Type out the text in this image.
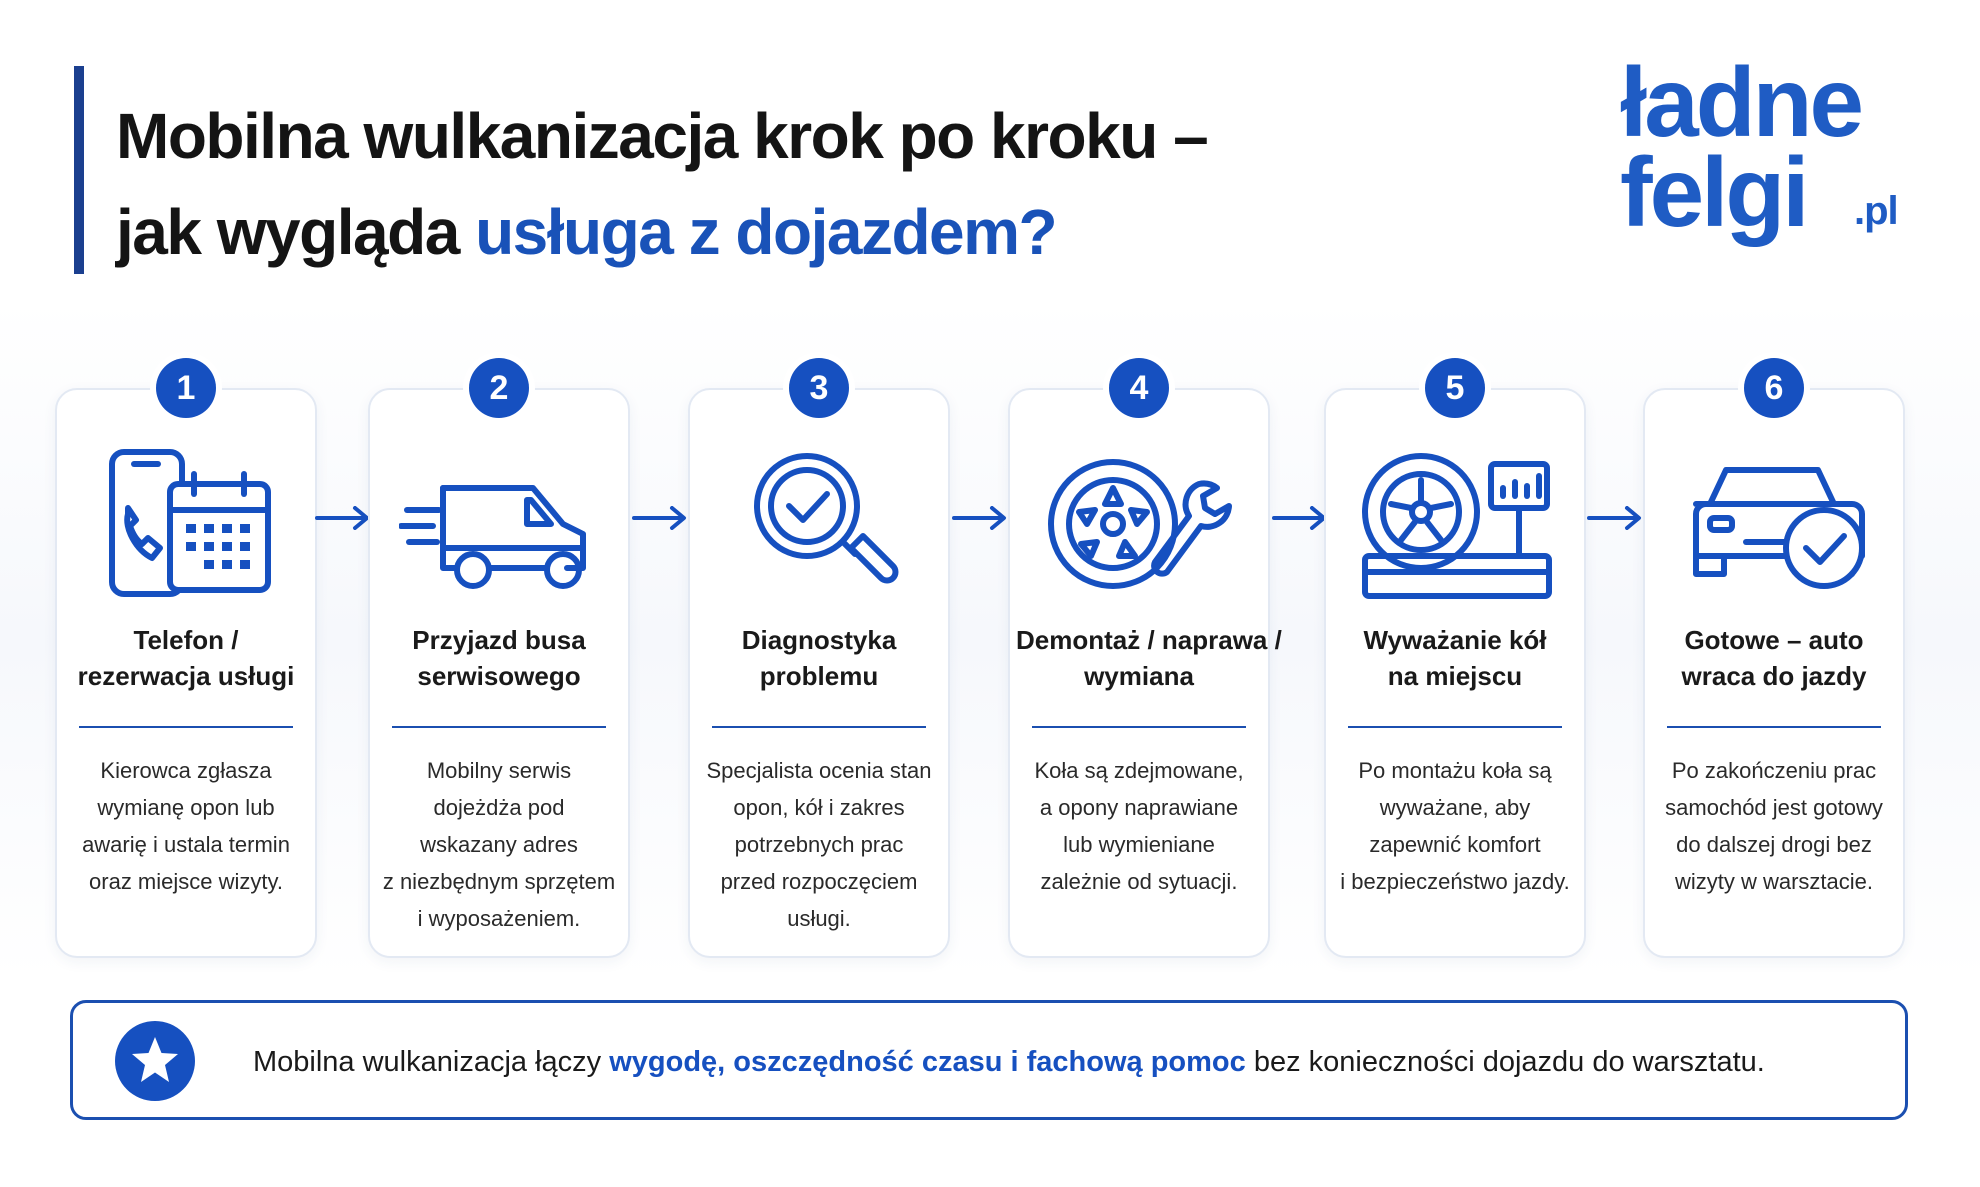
Mobilna wulkanizacja krok po kroku –
jak wygląda usługa z dojazdem?
ładne
felgi .pl
1
Telefon /
rezerwacja usługi
Kierowca zgłasza
wymianę opon lub
awarię i ustala termin
oraz miejsce wizyty.
2
Przyjazd busa
serwisowego
Mobilny serwis
dojeżdża pod
wskazany adres
z niezbędnym sprzętem
i wyposażeniem.
3
Diagnostyka
problemu
Specjalista ocenia stan
opon, kół i zakres
potrzebnych prac
przed rozpoczęciem
usługi.
4
Demontaż / naprawa /
wymiana
Koła są zdejmowane,
a opony naprawiane
lub wymieniane
zależnie od sytuacji.
5
Wyważanie kół
na miejscu
Po montażu koła są
wyważane, aby
zapewnić komfort
i bezpieczeństwo jazdy.
6
Gotowe – auto
wraca do jazdy
Po zakończeniu prac
samochód jest gotowy
do dalszej drogi bez
wizyty w warsztacie.
Mobilna wulkanizacja łączy wygodę, oszczędność czasu i fachową pomoc bez konieczności dojazdu do warsztatu.
